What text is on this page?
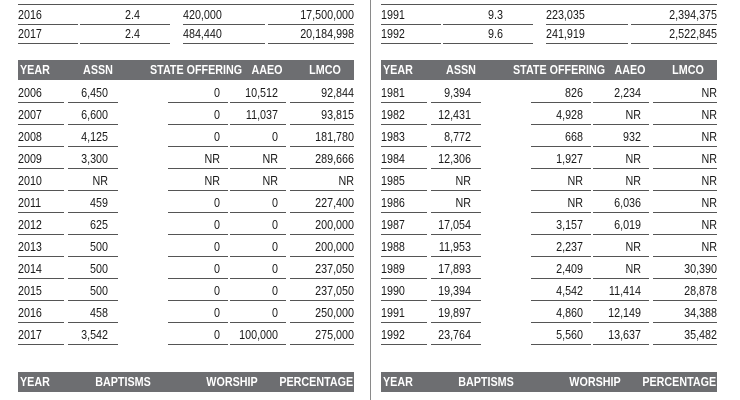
2016	2.4	420,000	17,500,000
2017	2.4	484,440	20,184,998
YEAR	ASSN	STATE OFFERING AAEO	LMCO
2006	6,450	0	10,512	92,844
2007	6,600	0	11,037	93,815
2008	4,125	0	0	181,780
2009	3,300	NR	NR	289,666
2010	NR	NR	NR	NR
2011	459	0	0	227,400
2012	625	0	0	200,000
2013	500	0	0	200,000
2014	500	0	0	237,050
2015	500	0	0	237,050
2016	458	0	0	250,000
2017	3,542	0	100,000	275,000
YEAR	BAPTISMS	WORSHIP	PERCENTAGE
1991	9.3	223,035	2,394,375
1992	9.6	241,919	2,522,845
YEAR	ASSN	STATE OFFERING AAEO	LMCO
1981	9,394	826	2,234	NR
1982	12,431	4,928	NR	NR
1983	8,772	668	932	NR
1984	12,306	1,927	NR	NR
1985	NR	NR	NR	NR
1986	NR	NR	6,036	NR
1987	17,054	3,157	6,019	NR
1988	11,953	2,237	NR	NR
1989	17,893	2,409	NR	30,390
1990	19,394	4,542	11,414	28,878
1991	19,897	4,860	12,149	34,388
1992	23,764	5,560	13,637	35,482
YEAR	BAPTISMS	WORSHIP	PERCENTAGE
